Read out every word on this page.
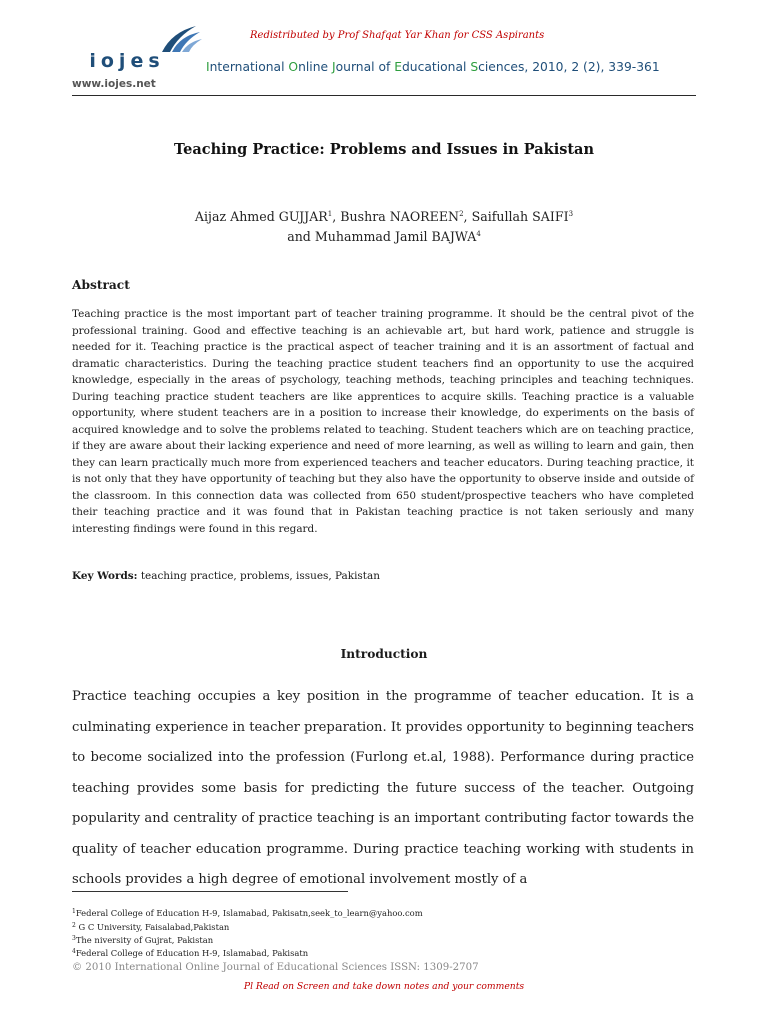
iojes
www.iojes.net
Redistributed by Prof Shafqat Yar Khan for CSS Aspirants
International Online Journal of Educational Sciences, 2010, 2 (2), 339-361
Teaching Practice: Problems and Issues in Pakistan
Aijaz Ahmed GUJJAR$^1$, Bushra NAOREEN$^2$, Saifullah SAIFI$^3$
and Muhammad Jamil BAJWA$^4$
Abstract

Teaching practice is the most important part of teacher training programme. It should be the central pivot of the professional training. Good and effective teaching is an achievable art, but hard work, patience and struggle is needed for it. Teaching practice is the practical aspect of teacher training and it is an assortment of factual and dramatic characteristics. During the teaching practice student teachers find an opportunity to use the acquired knowledge, especially in the areas of psychology, teaching methods, teaching principles and teaching techniques. During teaching practice student teachers are like apprentices to acquire skills. Teaching practice is a valuable opportunity, where student teachers are in a position to increase their knowledge, do experiments on the basis of acquired knowledge and to solve the problems related to teaching. Student teachers which are on teaching practice, if they are aware about their lacking experience and need of more learning, as well as willing to learn and gain, then they can learn practically much more from experienced teachers and teacher educators. During teaching practice, it is not only that they have opportunity of teaching but they also have the opportunity to observe inside and outside of the classroom. In this connection data was collected from 650 student/prospective teachers who have completed their teaching practice and it was found that in Pakistan teaching practice is not taken seriously and many interesting findings were found in this regard.

Key Words: teaching practice, problems, issues, Pakistan
Introduction

Practice teaching occupies a key position in the programme of teacher education. It is a culminating experience in teacher preparation. It provides opportunity to beginning teachers to become socialized into the profession (Furlong et.al, 1988). Performance during practice teaching provides some basis for predicting the future success of the teacher. Outgoing popularity and centrality of practice teaching is an important contributing factor towards the quality of teacher education programme. During practice teaching working with students in schools provides a high degree of emotional involvement mostly of a

$^1$Federal College of Education H-9, Islamabad, Pakisatn,seek_to_learn@yahoo.com
$^2$ G C University, Faisalabad,Pakistan
$^3$The niversity of Gujrat, Pakistan
$^4$Federal College of Education H-9, Islamabad, Pakisatn
© 2010 International Online Journal of Educational Sciences ISSN: 1309-2707
Pl Read on Screen and take down notes and your comments
